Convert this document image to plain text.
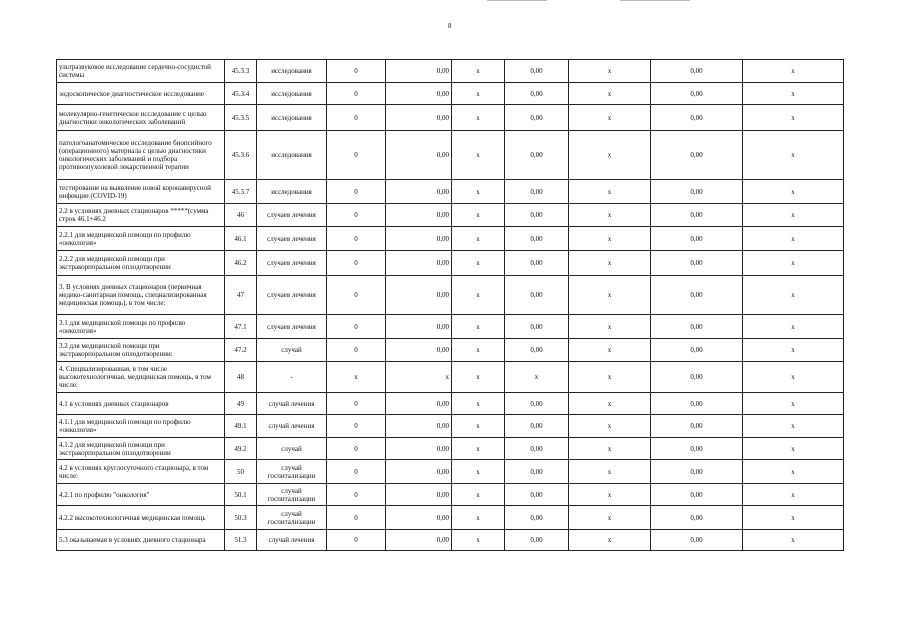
8
ультразвуковое исследование сердечно-сосудистой системы	45.3.3	исследования	0	0,00	x	0,00	x	0,00	x
эндоскопическое диагностическое исследование	45.3.4	исследования	0	0,00	x	0,00	x	0,00	x
молекулярно-генетическое исследование с целью диагностики онкологических заболеваний	45.3.5	исследования	0	0,00	x	0,00	x	0,00	x
патологоанатомическое исследование биопсийного (операционного) материала с целью диагностики онкологических заболеваний и подбора противоопухолевой лекарственной терапии	45.3.6	исследования	0	0,00	x	0,00	x	0,00	x
тестирование на выявление новой коронавирусной инфекции (COVID-19)	45.3.7	исследования	0	0,00	x	0,00	x	0,00	x
2.2 в условиях дневных стационаров *****(сумма строк 46.1+46.2	46	случаев лечения	0	0,00	x	0,00	x	0,00	x
2.2.1 для медицинской помощи по профилю «онкология»	46.1	случаев лечения	0	0,00	x	0,00	x	0,00	x
2.2.2 для медицинской помощи при экстракорпоральном оплодотворении	46.2	случаев лечения	0	0,00	x	0,00	x	0,00	x
3. В условиях дневных стационаров (первичная медико-санитарная помощь, специализированная медицинская помощь), в том числе:	47	случаев лечения	0	0,00	x	0,00	x	0,00	x
3.1 для медицинской помощи по профилю «онкология»	47.1	случаев лечения	0	0,00	x	0,00	x	0,00	x
3.2 для медицинской помощи при экстракорпоральном оплодотворении:	47.2	случай	0	0,00	x	0,00	x	0,00	x
4. Специализированная, в том числе высокотехнологичная, медицинская помощь, в том числе:	48	-	x	x	x	x	x	0,00	x
4.1 в условиях дневных стационаров	49	случай лечения	0	0,00	x	0,00	x	0,00	x
4.1.1 для медицинской помощи по профилю «онкология»	49.1	случай лечения	0	0,00	x	0,00	x	0,00	x
4.1.2 для медицинской помощи при экстракорпоральном оплодотворении	49.2	случай	0	0,00	x	0,00	x	0,00	x
4.2 в условиях круглосуточного стационара, в том числе:	50	случай госпитализации	0	0,00	x	0,00	x	0,00	x
4.2.1 по профилю "онкология"	50.1	случай госпитализации	0	0,00	x	0,00	x	0,00	x
4.2.2 высокотехнологичная медицинская помощь	50.3	случай госпитализации	0	0,00	x	0,00	x	0,00	x
5.3 оказываемая в условиях дневного стационара	51.3	случай лечения	0	0,00	x	0,00	x	0,00	x
